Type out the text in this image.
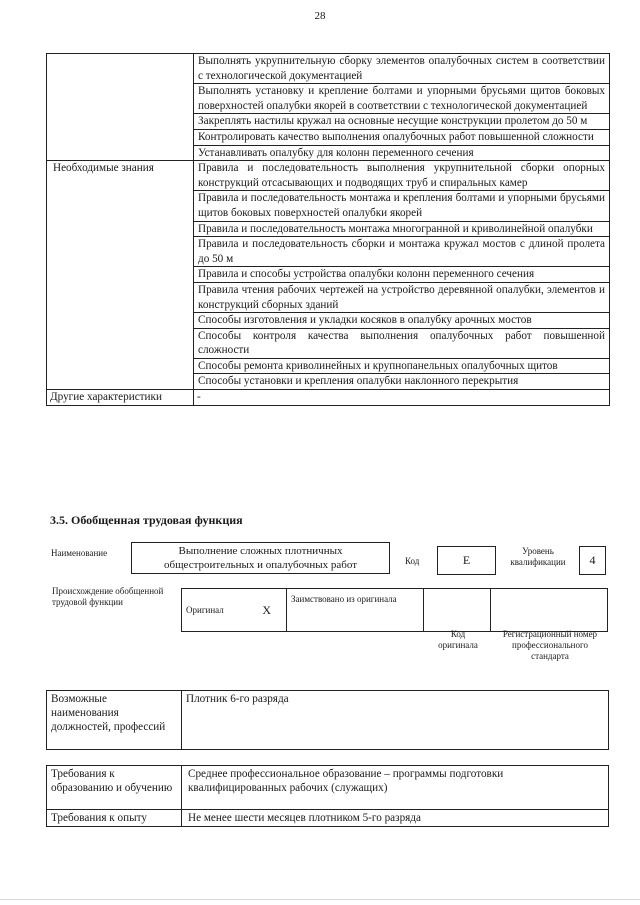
28
	Выполнять укрупнительную сборку элементов опалубочных систем в соответствии с технологической документацией
	Выполнять установку и крепление болтами и упорными брусьями щитов боковых поверхностей опалубки якорей в соответствии с технологической документацией
	Закреплять настилы кружал на основные несущие конструкции пролетом до 50 м
	Контролировать качество выполнения опалубочных работ повышенной сложности
	Устанавливать опалубку для колонн переменного сечения
Необходимые знания	Правила и последовательность выполнения укрупнительной сборки опорных конструкций отсасывающих и подводящих труб и спиральных камер
	Правила и последовательность монтажа и крепления болтами и упорными брусьями щитов боковых поверхностей опалубки якорей
	Правила и последовательность монтажа многогранной и криволинейной опалубки
	Правила и последовательность сборки и монтажа кружал мостов с длиной пролета до 50 м
	Правила и способы устройства опалубки колонн переменного сечения
	Правила чтения рабочих чертежей на устройство деревянной опалубки, элементов и конструкций сборных зданий
	Способы изготовления и укладки косяков в опалубку арочных мостов
	Способы контроля качества выполнения опалубочных работ повышенной сложности
	Способы ремонта криволинейных и крупнопанельных опалубочных щитов
	Способы установки и крепления опалубки наклонного перекрытия
Другие характеристики	-
3.5. Обобщенная трудовая функция
Наименование	Выполнение сложных плотничных общестроительных и опалубочных работ	Код	E
Уровень квалификации	4
Происхождение обобщенной трудовой функции
Оригинал	X	Заимствовано из оригинала		
Код оригинала
Регистрационный номер профессионального стандарта
Возможные наименования должностей, профессий	Плотник 6-го разряда
Требования к образованию и обучению	Среднее профессиональное образование – программы подготовки квалифицированных рабочих (служащих)
Требования к опыту	Не менее шести месяцев плотником 5-го разряда
